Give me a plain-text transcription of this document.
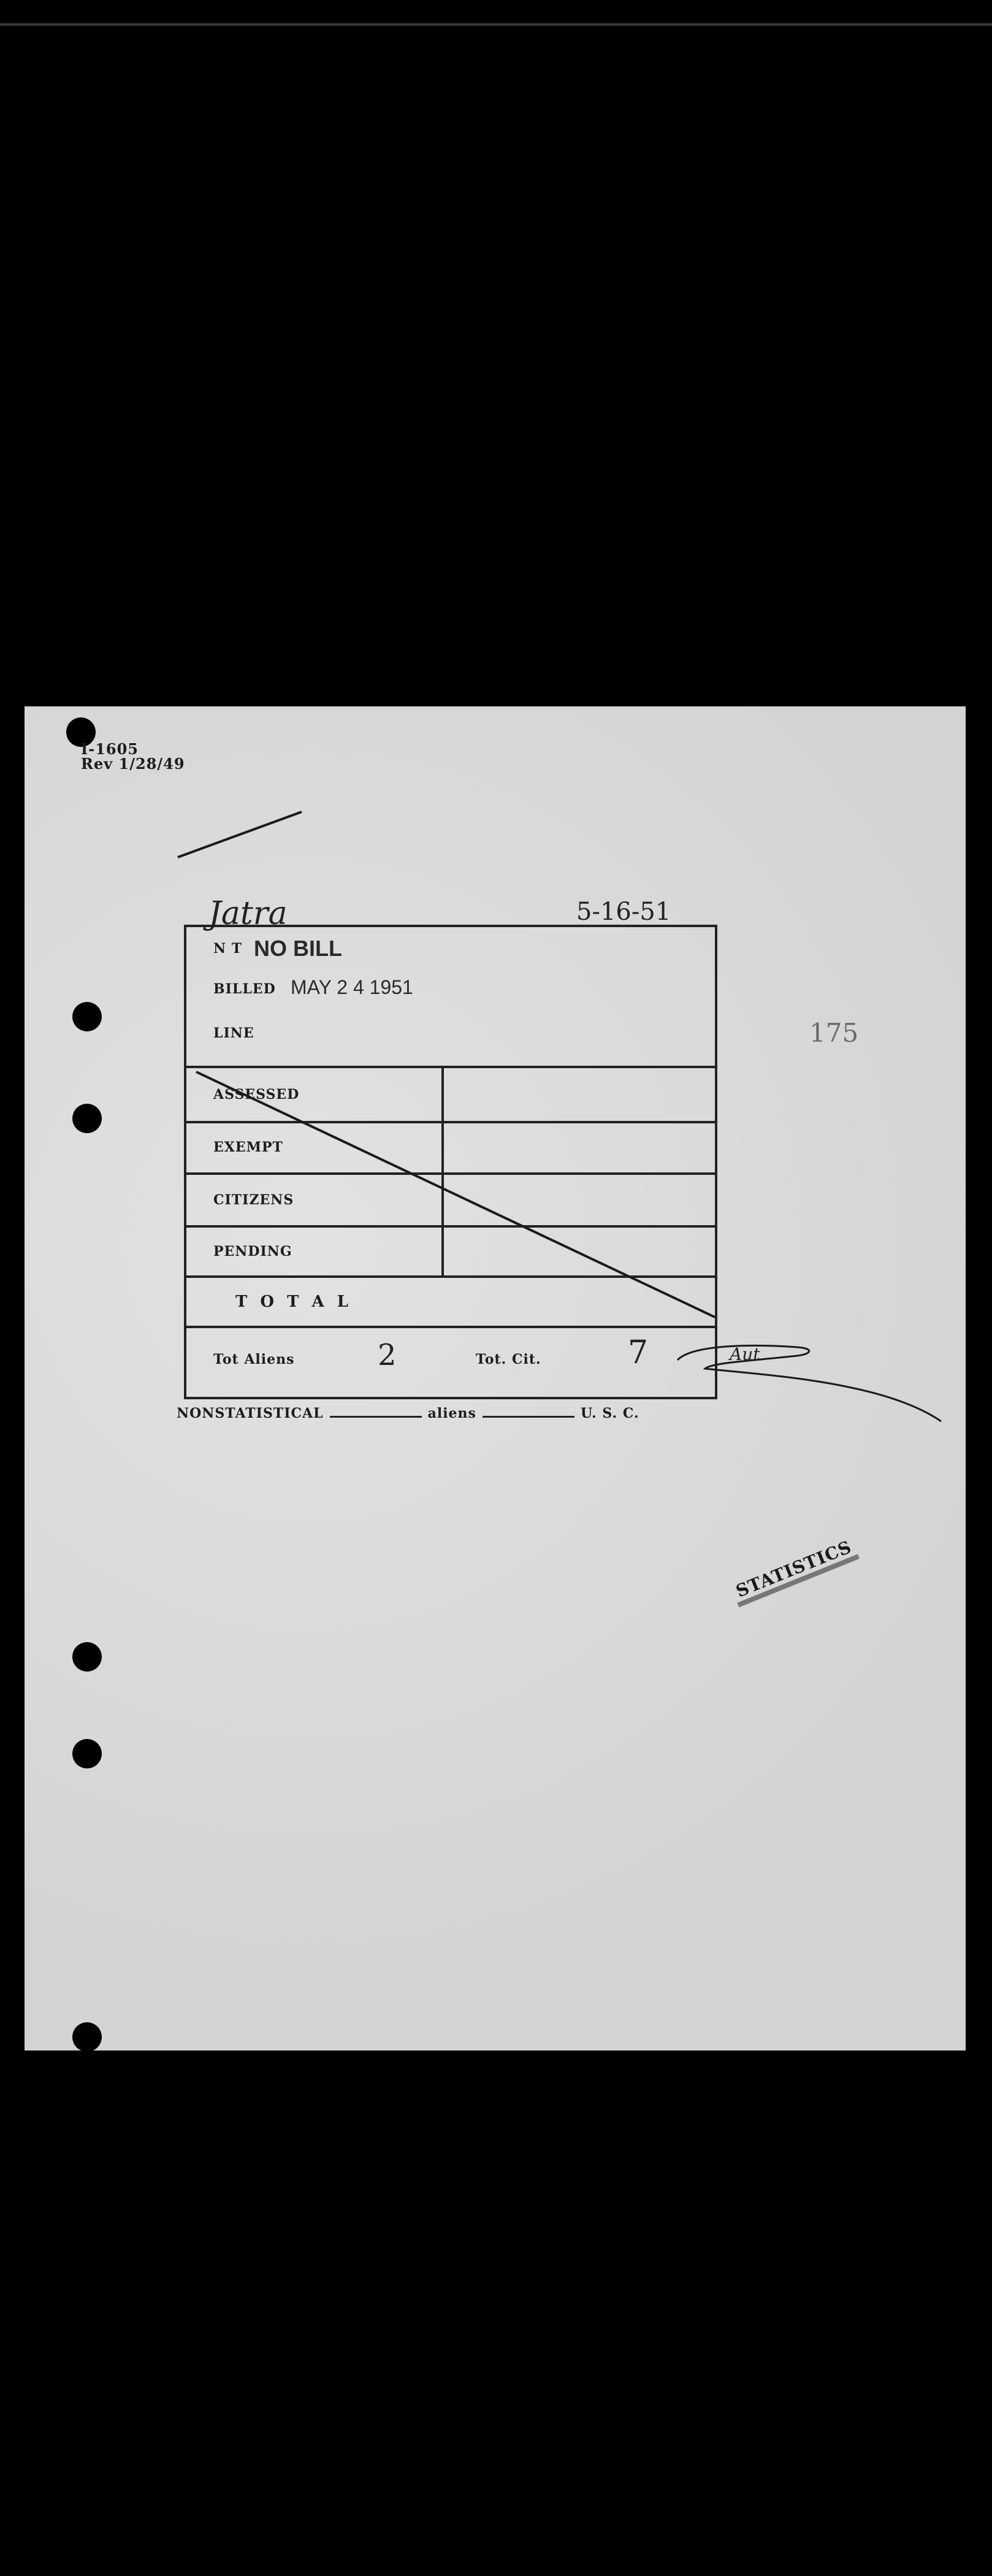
I-1605
Rev 1/28/49
Jatra	5-16-51
175
N T NO BILL
BILLED MAY 2 4 1951
LINE
ASSESSED
EXEMPT
CITIZENS
PENDING
T O T A L
Tot Aliens	2	Tot. Cit.	7	Aut
NONSTATISTICAL	aliens	U. S. C.
STATISTICS
